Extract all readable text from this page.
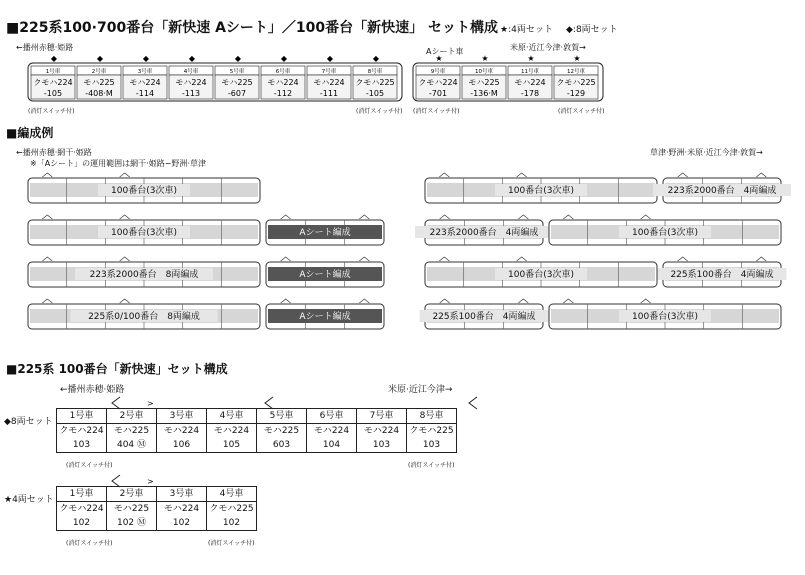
■225系100·700番台「新快速 Aシート」／100番台「新快速」 セット構成 ★:4両セット ◆:8両セット
←播州赤穂·姫路	米原·近江今津·敦賀→
Aシート車
◆
1号車
クモハ224
-105
◆
2号車
モハ225
-408·M
◆
3号車
モハ224
-114
◆
4号車
モハ224
-113
◆
5号車
モハ225
-607
◆
6号車
モハ224
-112
◆
7号車
モハ224
-111
◆
8号車
クモハ225
-105
★
9号車
クモハ224
-701
★
10号車
モハ225
-136·M
★
11号車
モハ224
-178
★
12号車
クモハ225
-129
(消灯スイッチ付)	(消灯スイッチ付) (消灯スイッチ付)	(消灯スイッチ付)
■編成例
←播州赤穂·網干·姫路
※「Aシート」の運用範囲は網干·姫路−野洲·草津
草津·野洲·米原·近江今津·敦賀→
100番台(3次車)
100番台(3次車)	Aシート編成
223系2000番台　8両編成	Aシート編成
225系0/100番台　8両編成	Aシート編成
100番台(3次車)	223系2000番台　4両編成
223系2000番台　4両編成	100番台(3次車)
100番台(3次車)	225系100番台　4両編成
225系100番台　4両編成	100番台(3次車)
■225系 100番台「新快速」セット構成
←播州赤穂·姫路	米原·近江今津→
>
◆8両セット
1号車	2号車	3号車	4号車	5号車	6号車	7号車	8号車
クモハ224	モハ225	モハ224	モハ224	モハ225	モハ224	モハ224	クモハ225
103	404 Ⓜ	106	105	603	104	103	103
(消灯スイッチ付)	(消灯スイッチ付)
>
★4両セット
1号車	2号車	3号車	4号車
クモハ224	モハ225	モハ224	クモハ225
102	102 Ⓜ	102	102
(消灯スイッチ付)	(消灯スイッチ付)
